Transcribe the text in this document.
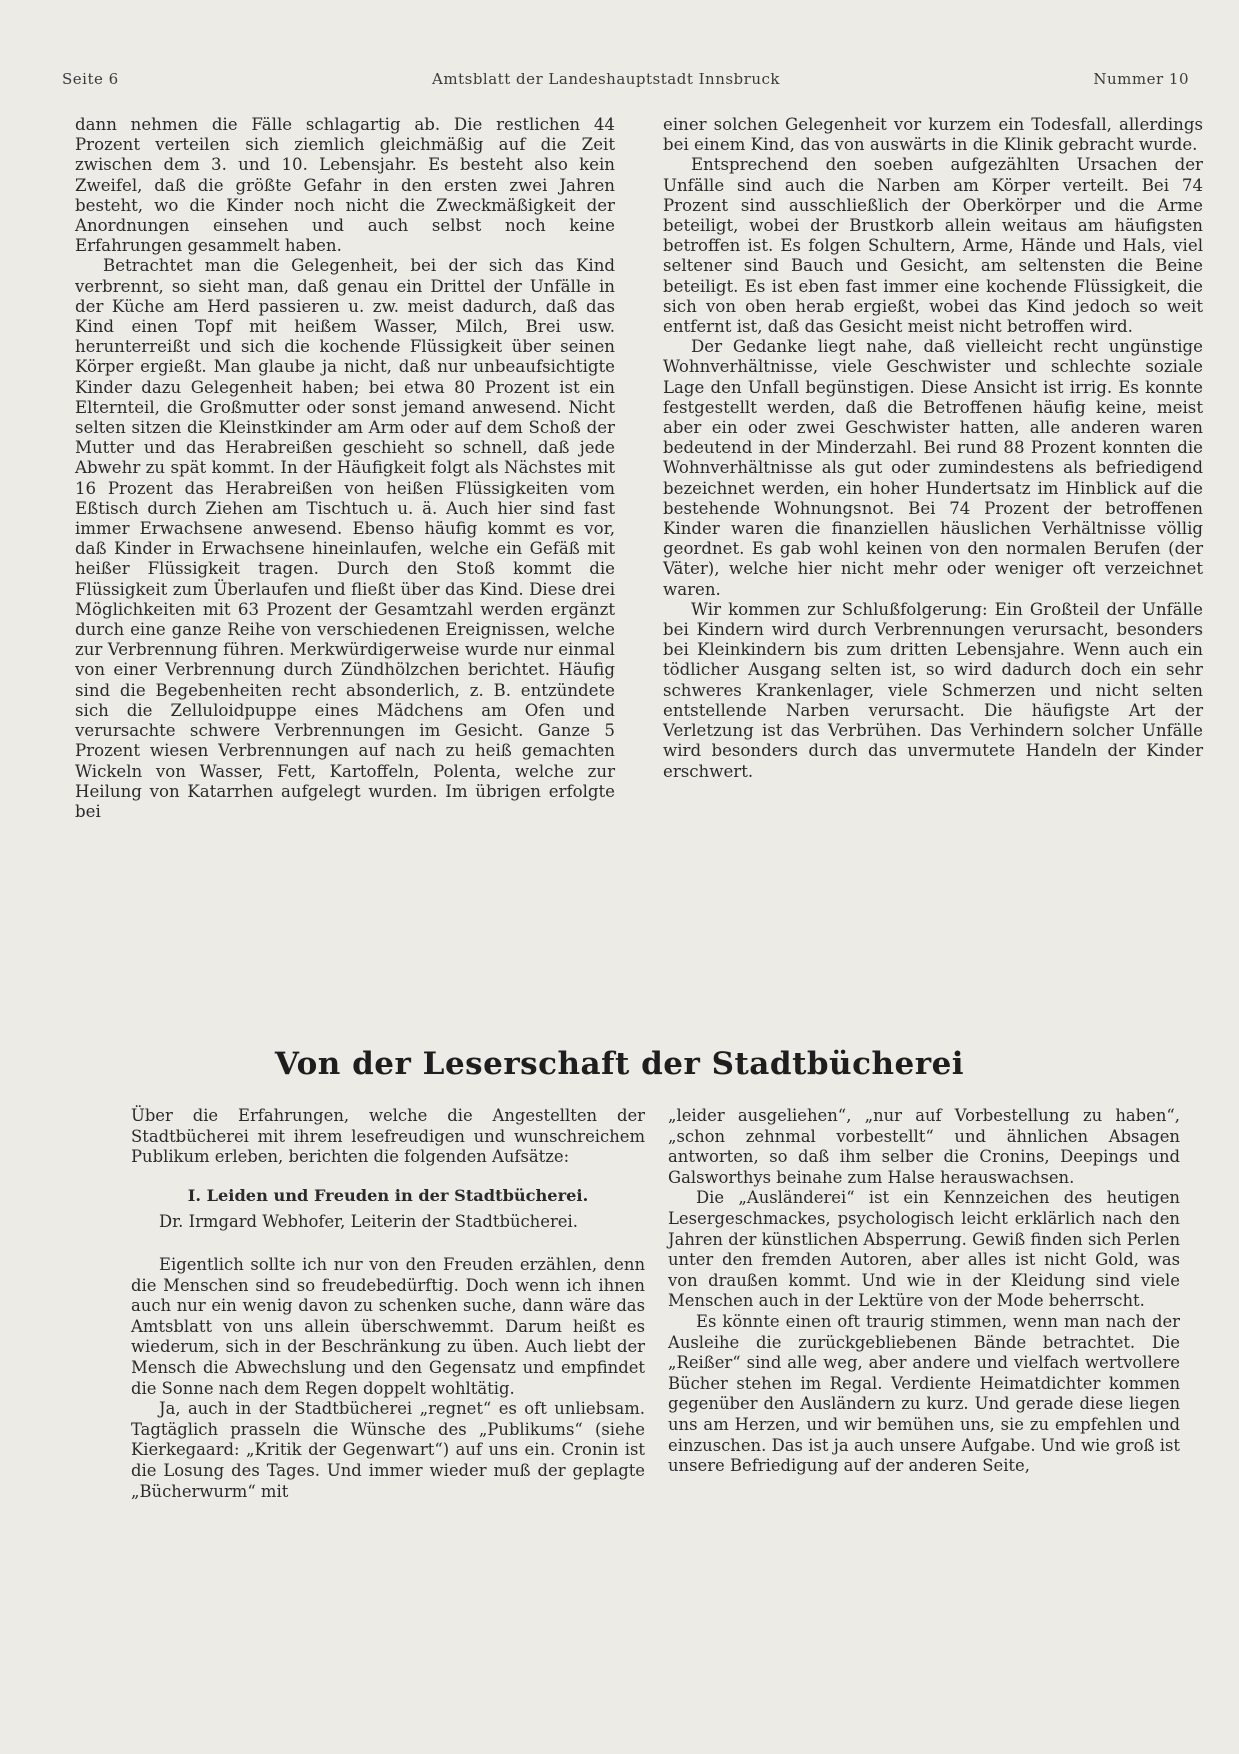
Seite 6	Amtsblatt der Landeshauptstadt Innsbruck	Nummer 10

dann nehmen die Fälle schlagartig ab. Die restlichen 44 Prozent verteilen sich ziemlich gleichmäßig auf die Zeit zwischen dem 3. und 10. Lebensjahr. Es besteht also kein Zweifel, daß die größte Gefahr in den ersten zwei Jahren besteht, wo die Kinder noch nicht die Zweckmäßigkeit der Anordnungen einsehen und auch selbst noch keine Erfahrungen gesammelt haben.

Betrachtet man die Gelegenheit, bei der sich das Kind verbrennt, so sieht man, daß genau ein Drittel der Unfälle in der Küche am Herd passieren u. zw. meist dadurch, daß das Kind einen Topf mit heißem Wasser, Milch, Brei usw. herunterreißt und sich die kochende Flüssigkeit über seinen Körper ergießt. Man glaube ja nicht, daß nur unbeaufsichtigte Kinder dazu Gelegenheit haben; bei etwa 80 Prozent ist ein Elternteil, die Großmutter oder sonst jemand anwesend. Nicht selten sitzen die Kleinstkinder am Arm oder auf dem Schoß der Mutter und das Herabreißen geschieht so schnell, daß jede Abwehr zu spät kommt. In der Häufigkeit folgt als Nächstes mit 16 Prozent das Herabreißen von heißen Flüssigkeiten vom Eßtisch durch Ziehen am Tischtuch u. ä. Auch hier sind fast immer Erwachsene anwesend. Ebenso häufig kommt es vor, daß Kinder in Erwachsene hineinlaufen, welche ein Gefäß mit heißer Flüssigkeit tragen. Durch den Stoß kommt die Flüssigkeit zum Überlaufen und fließt über das Kind. Diese drei Möglichkeiten mit 63 Prozent der Gesamtzahl werden ergänzt durch eine ganze Reihe von verschiedenen Ereignissen, welche zur Verbrennung führen. Merkwürdigerweise wurde nur einmal von einer Verbrennung durch Zündhölzchen berichtet. Häufig sind die Begebenheiten recht absonderlich, z. B. entzündete sich die Zelluloidpuppe eines Mädchens am Ofen und verursachte schwere Verbrennungen im Gesicht. Ganze 5 Prozent wiesen Verbrennungen auf nach zu heiß gemachten Wickeln von Wasser, Fett, Kartoffeln, Polenta, welche zur Heilung von Katarrhen aufgelegt wurden. Im übrigen erfolgte bei

einer solchen Gelegenheit vor kurzem ein Todesfall, allerdings bei einem Kind, das von auswärts in die Klinik gebracht wurde.

Entsprechend den soeben aufgezählten Ursachen der Unfälle sind auch die Narben am Körper verteilt. Bei 74 Prozent sind ausschließlich der Oberkörper und die Arme beteiligt, wobei der Brustkorb allein weitaus am häufigsten betroffen ist. Es folgen Schultern, Arme, Hände und Hals, viel seltener sind Bauch und Gesicht, am seltensten die Beine beteiligt. Es ist eben fast immer eine kochende Flüssigkeit, die sich von oben herab ergießt, wobei das Kind jedoch so weit entfernt ist, daß das Gesicht meist nicht betroffen wird.

Der Gedanke liegt nahe, daß vielleicht recht ungünstige Wohnverhältnisse, viele Geschwister und schlechte soziale Lage den Unfall begünstigen. Diese Ansicht ist irrig. Es konnte festgestellt werden, daß die Betroffenen häufig keine, meist aber ein oder zwei Geschwister hatten, alle anderen waren bedeutend in der Minderzahl. Bei rund 88 Prozent konnten die Wohnverhältnisse als gut oder zumindestens als befriedigend bezeichnet werden, ein hoher Hundertsatz im Hinblick auf die bestehende Wohnungsnot. Bei 74 Prozent der betroffenen Kinder waren die finanziellen häuslichen Verhältnisse völlig geordnet. Es gab wohl keinen von den normalen Berufen (der Väter), welche hier nicht mehr oder weniger oft verzeichnet waren.

Wir kommen zur Schlußfolgerung: Ein Großteil der Unfälle bei Kindern wird durch Verbrennungen verursacht, besonders bei Kleinkindern bis zum dritten Lebensjahre. Wenn auch ein tödlicher Ausgang selten ist, so wird dadurch doch ein sehr schweres Krankenlager, viele Schmerzen und nicht selten entstellende Narben verursacht. Die häufigste Art der Verletzung ist das Verbrühen. Das Verhindern solcher Unfälle wird besonders durch das unvermutete Handeln der Kinder erschwert.

Von der Leserschaft der Stadtbücherei

Über die Erfahrungen, welche die Angestellten der Stadtbücherei mit ihrem lesefreudigen und wunschreichem Publikum erleben, berichten die folgenden Aufsätze:

I. Leiden und Freuden in der Stadtbücherei.

Dr. Irmgard Webhofer, Leiterin der Stadtbücherei.

Eigentlich sollte ich nur von den Freuden erzählen, denn die Menschen sind so freudebedürftig. Doch wenn ich ihnen auch nur ein wenig davon zu schenken suche, dann wäre das Amtsblatt von uns allein überschwemmt. Darum heißt es wiederum, sich in der Beschränkung zu üben. Auch liebt der Mensch die Abwechslung und den Gegensatz und empfindet die Sonne nach dem Regen doppelt wohltätig.

Ja, auch in der Stadtbücherei „regnet“ es oft unliebsam. Tagtäglich prasseln die Wünsche des „Publikums“ (siehe Kierkegaard: „Kritik der Gegenwart“) auf uns ein. Cronin ist die Losung des Tages. Und immer wieder muß der geplagte „Bücherwurm“ mit

„leider ausgeliehen“, „nur auf Vorbestellung zu haben“, „schon zehnmal vorbestellt“ und ähnlichen Absagen antworten, so daß ihm selber die Cronins, Deepings und Galsworthys beinahe zum Halse herauswachsen.

Die „Ausländerei“ ist ein Kennzeichen des heutigen Lesergeschmackes, psychologisch leicht erklärlich nach den Jahren der künstlichen Absperrung. Gewiß finden sich Perlen unter den fremden Autoren, aber alles ist nicht Gold, was von draußen kommt. Und wie in der Kleidung sind viele Menschen auch in der Lektüre von der Mode beherrscht.

Es könnte einen oft traurig stimmen, wenn man nach der Ausleihe die zurückgebliebenen Bände betrachtet. Die „Reißer“ sind alle weg, aber andere und vielfach wertvollere Bücher stehen im Regal. Verdiente Heimatdichter kommen gegenüber den Ausländern zu kurz. Und gerade diese liegen uns am Herzen, und wir bemühen uns, sie zu empfehlen und einzuschen. Das ist ja auch unsere Aufgabe. Und wie groß ist unsere Befriedigung auf der anderen Seite,
